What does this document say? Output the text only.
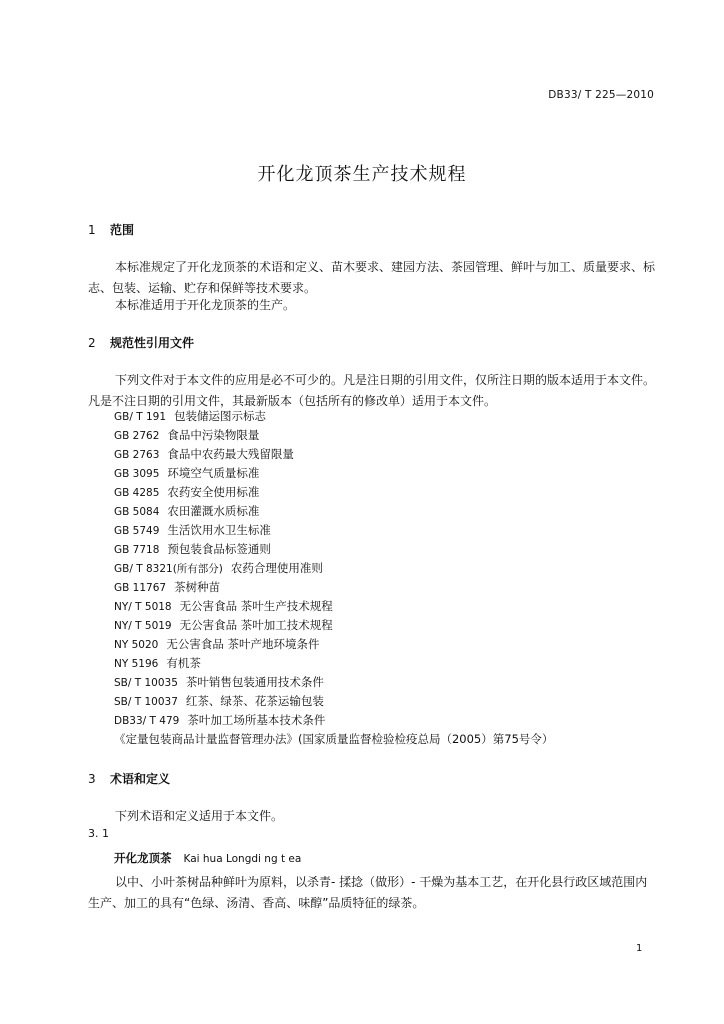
DB33/ T 225—2010
开化龙顶茶生产技术规程
1 范围
本标准规定了开化龙顶茶的术语和定义、苗木要求、建园方法、茶园管理、鲜叶与加工、质量要求、标志、包装、运输、贮存和保鲜等技术要求。
本标准适用于开化龙顶茶的生产。
2 规范性引用文件
下列文件对于本文件的应用是必不可少的。凡是注日期的引用文件，仅所注日期的版本适用于本文件。凡是不注日期的引用文件，其最新版本（包括所有的修改单）适用于本文件。
GB/ T 191 包装储运图示标志
GB 2762 食品中污染物限量
GB 2763 食品中农药最大残留限量
GB 3095 环境空气质量标准
GB 4285 农药安全使用标准
GB 5084 农田灌溉水质标准
GB 5749 生活饮用水卫生标准
GB 7718 预包装食品标签通则
GB/ T 8321(所有部分) 农药合理使用准则
GB 11767 茶树种苗
NY/ T 5018 无公害食品 茶叶生产技术规程
NY/ T 5019 无公害食品 茶叶加工技术规程
NY 5020 无公害食品 茶叶产地环境条件
NY 5196 有机茶
SB/ T 10035 茶叶销售包装通用技术条件
SB/ T 10037 红茶、绿茶、花茶运输包装
DB33/ T 479 茶叶加工场所基本技术条件
《定量包装商品计量监督管理办法》(国家质量监督检验检疫总局（2005）第75号令）
3 术语和定义
下列术语和定义适用于本文件。
3. 1
开化龙顶茶 Kai hua Longdi ng t ea
以中、小叶茶树品种鲜叶为原料，以杀青- 揉捻（做形）- 干燥为基本工艺，在开化县行政区域范围内生产、加工的具有“色绿、汤清、香高、味醇”品质特征的绿茶。
1
